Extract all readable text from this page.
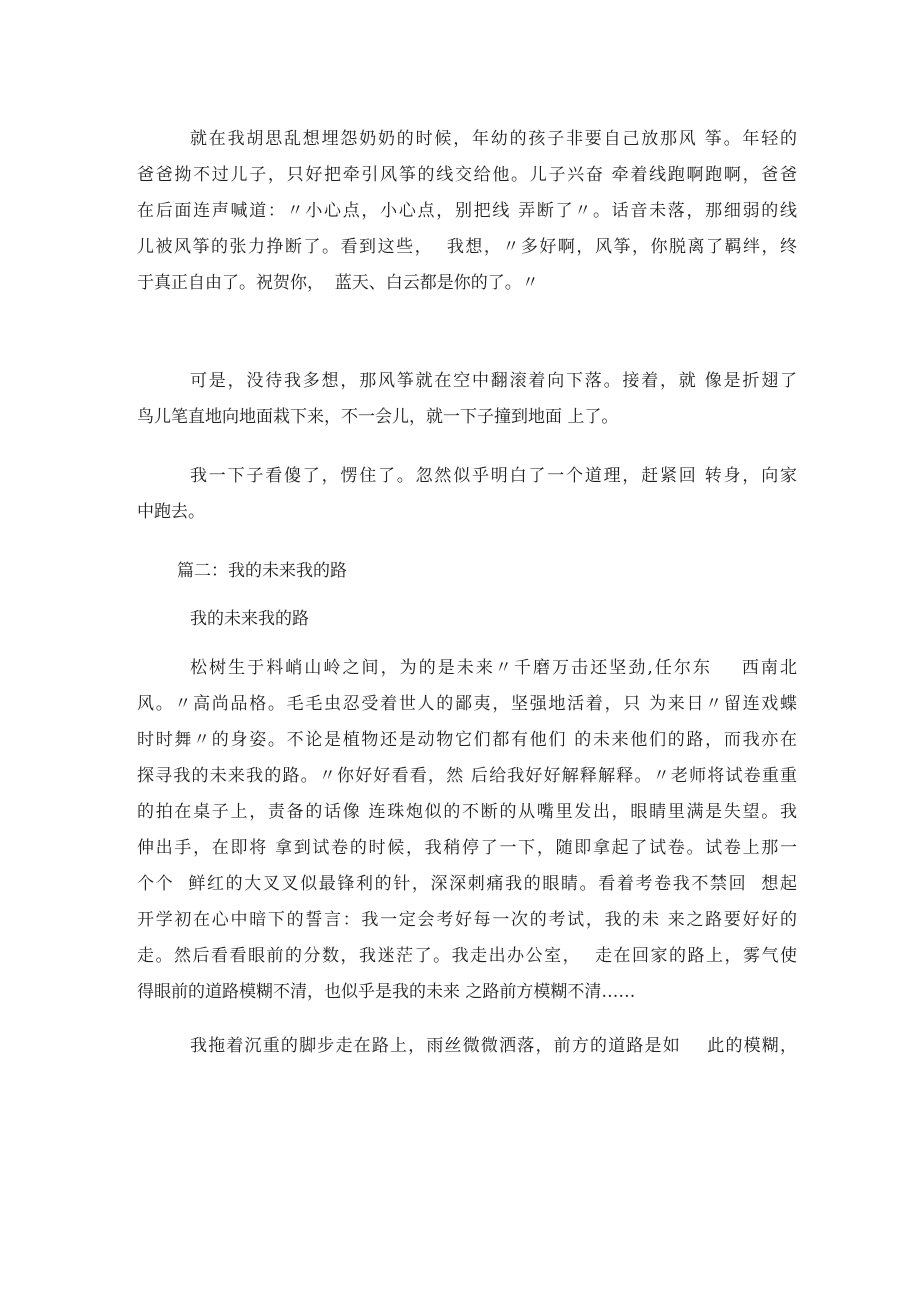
就在我胡思乱想埋怨奶奶的时候，年幼的孩子非要自己放那风 筝。年轻的
爸爸拗不过儿子，只好把牵引风筝的线交给他。儿子兴奋 牵着线跑啊跑啊，爸爸
在后面连声喊道：〃小心点，小心点，别把线 弄断了〃。话音未落，那细弱的线
儿被风筝的张力挣断了。看到这些，  我想，〃多好啊，风筝，你脱离了羁绊，终
于真正自由了。祝贺你，  蓝天、白云都是你的了。〃
可是，没待我多想，那风筝就在空中翻滚着向下落。接着，就 像是折翅了
鸟儿笔直地向地面栽下来，不一会儿，就一下子撞到地面 上了。
我一下子看傻了，愣住了。忽然似乎明白了一个道理，赶紧回 转身，向家
中跑去。
篇二：我的未来我的路
我的未来我的路
松树生于料峭山岭之间，为的是未来〃千磨万击还坚劲,任尔东    西南北
风。〃高尚品格。毛毛虫忍受着世人的鄙夷，坚强地活着，只 为来日〃留连戏蝶
时时舞〃的身姿。不论是植物还是动物它们都有他们 的未来他们的路，而我亦在
探寻我的未来我的路。〃你好好看看，然 后给我好好解释解释。〃老师将试卷重重
的拍在桌子上，责备的话像 连珠炮似的不断的从嘴里发出，眼睛里满是失望。我
伸出手，在即将 拿到试卷的时候，我稍停了一下，随即拿起了试卷。试卷上那一
个个  鲜红的大叉叉似最锋利的针，深深刺痛我的眼睛。看着考卷我不禁回  想起
开学初在心中暗下的誓言：我一定会考好每一次的考试，我的未 来之路要好好的
走。然后看看眼前的分数，我迷茫了。我走出办公室，  走在回家的路上，雾气使
得眼前的道路模糊不清，也似乎是我的未来 之路前方模糊不清……
我拖着沉重的脚步走在路上，雨丝微微洒落，前方的道路是如    此的模糊，
